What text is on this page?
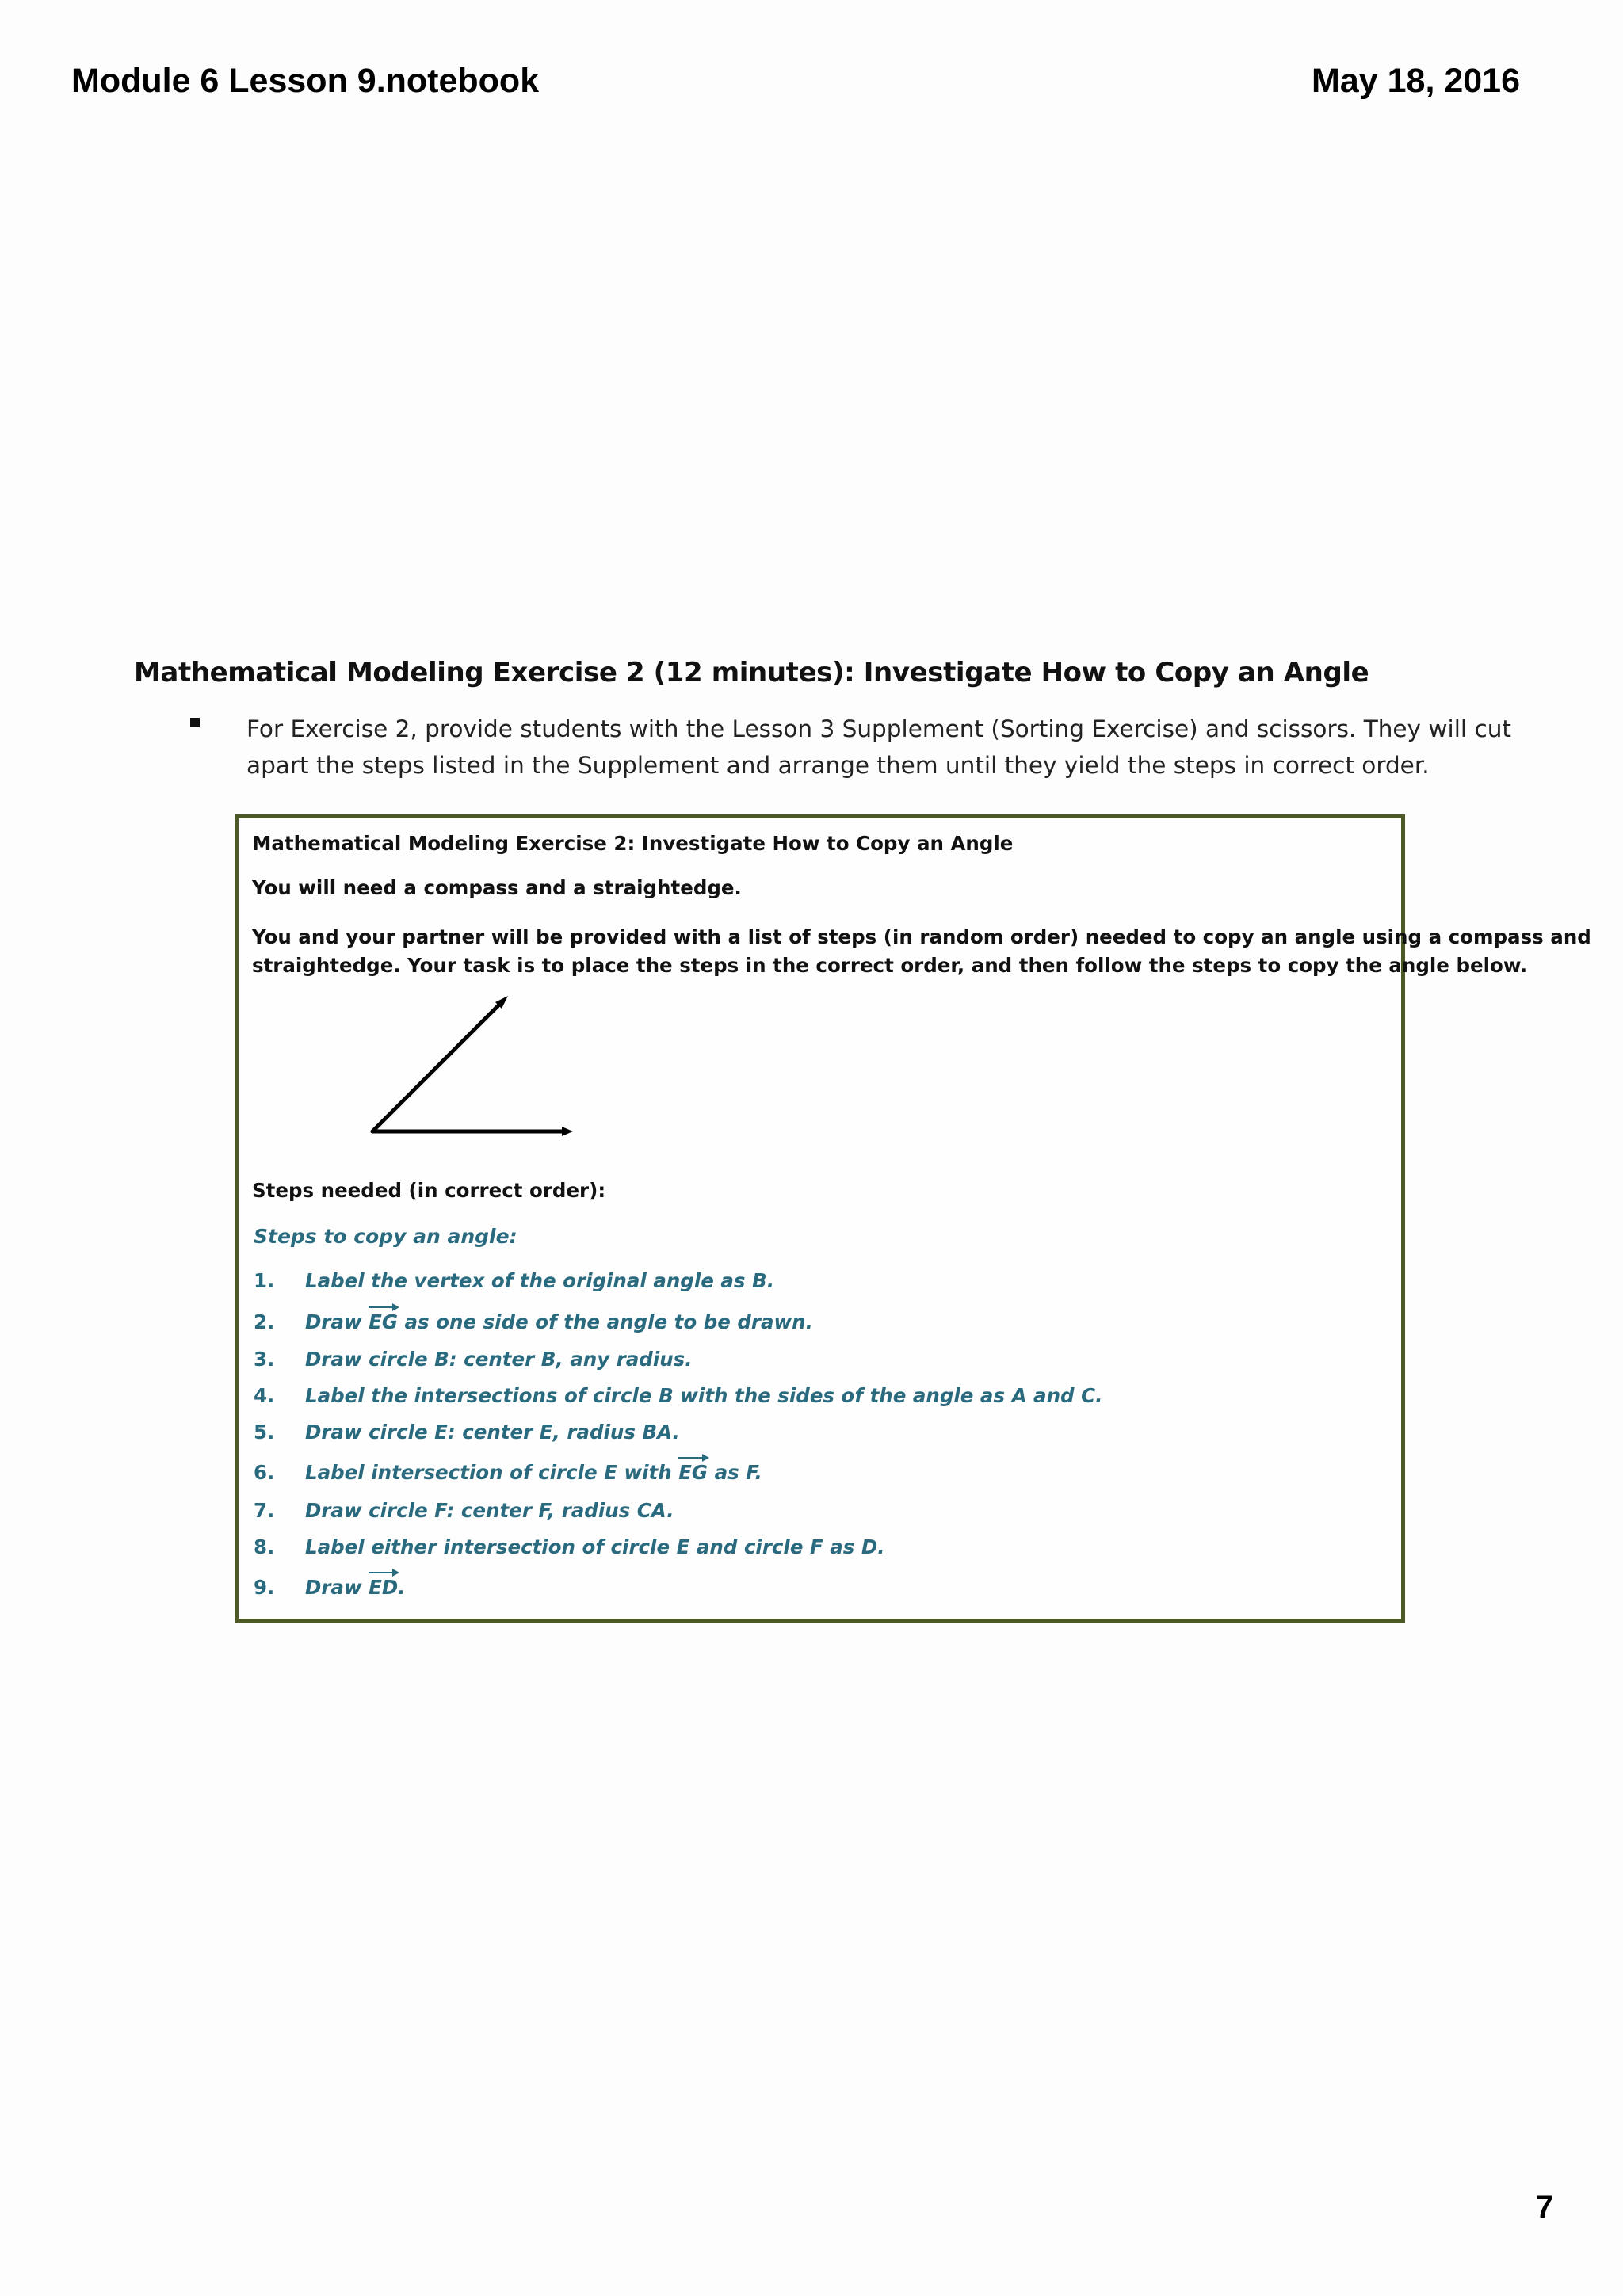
Module 6 Lesson 9.notebook	May 18, 2016
Mathematical Modeling Exercise 2 (12 minutes): Investigate How to Copy an Angle
For Exercise 2, provide students with the Lesson 3 Supplement (Sorting Exercise) and scissors. They will cut
apart the steps listed in the Supplement and arrange them until they yield the steps in correct order.
Mathematical Modeling Exercise 2: Investigate How to Copy an Angle
You will need a compass and a straightedge.
You and your partner will be provided with a list of steps (in random order) needed to copy an angle using a compass and
straightedge. Your task is to place the steps in the correct order, and then follow the steps to copy the angle below.
Steps needed (in correct order):
Steps to copy an angle:
1. Label the vertex of the original angle as B.
2. Draw EG as one side of the angle to be drawn.
3. Draw circle B: center B, any radius.
4. Label the intersections of circle B with the sides of the angle as A and C.
5. Draw circle E: center E, radius BA.
6. Label intersection of circle E with EG as F.
7. Draw circle F: center F, radius CA.
8. Label either intersection of circle E and circle F as D.
9. Draw ED.
7
